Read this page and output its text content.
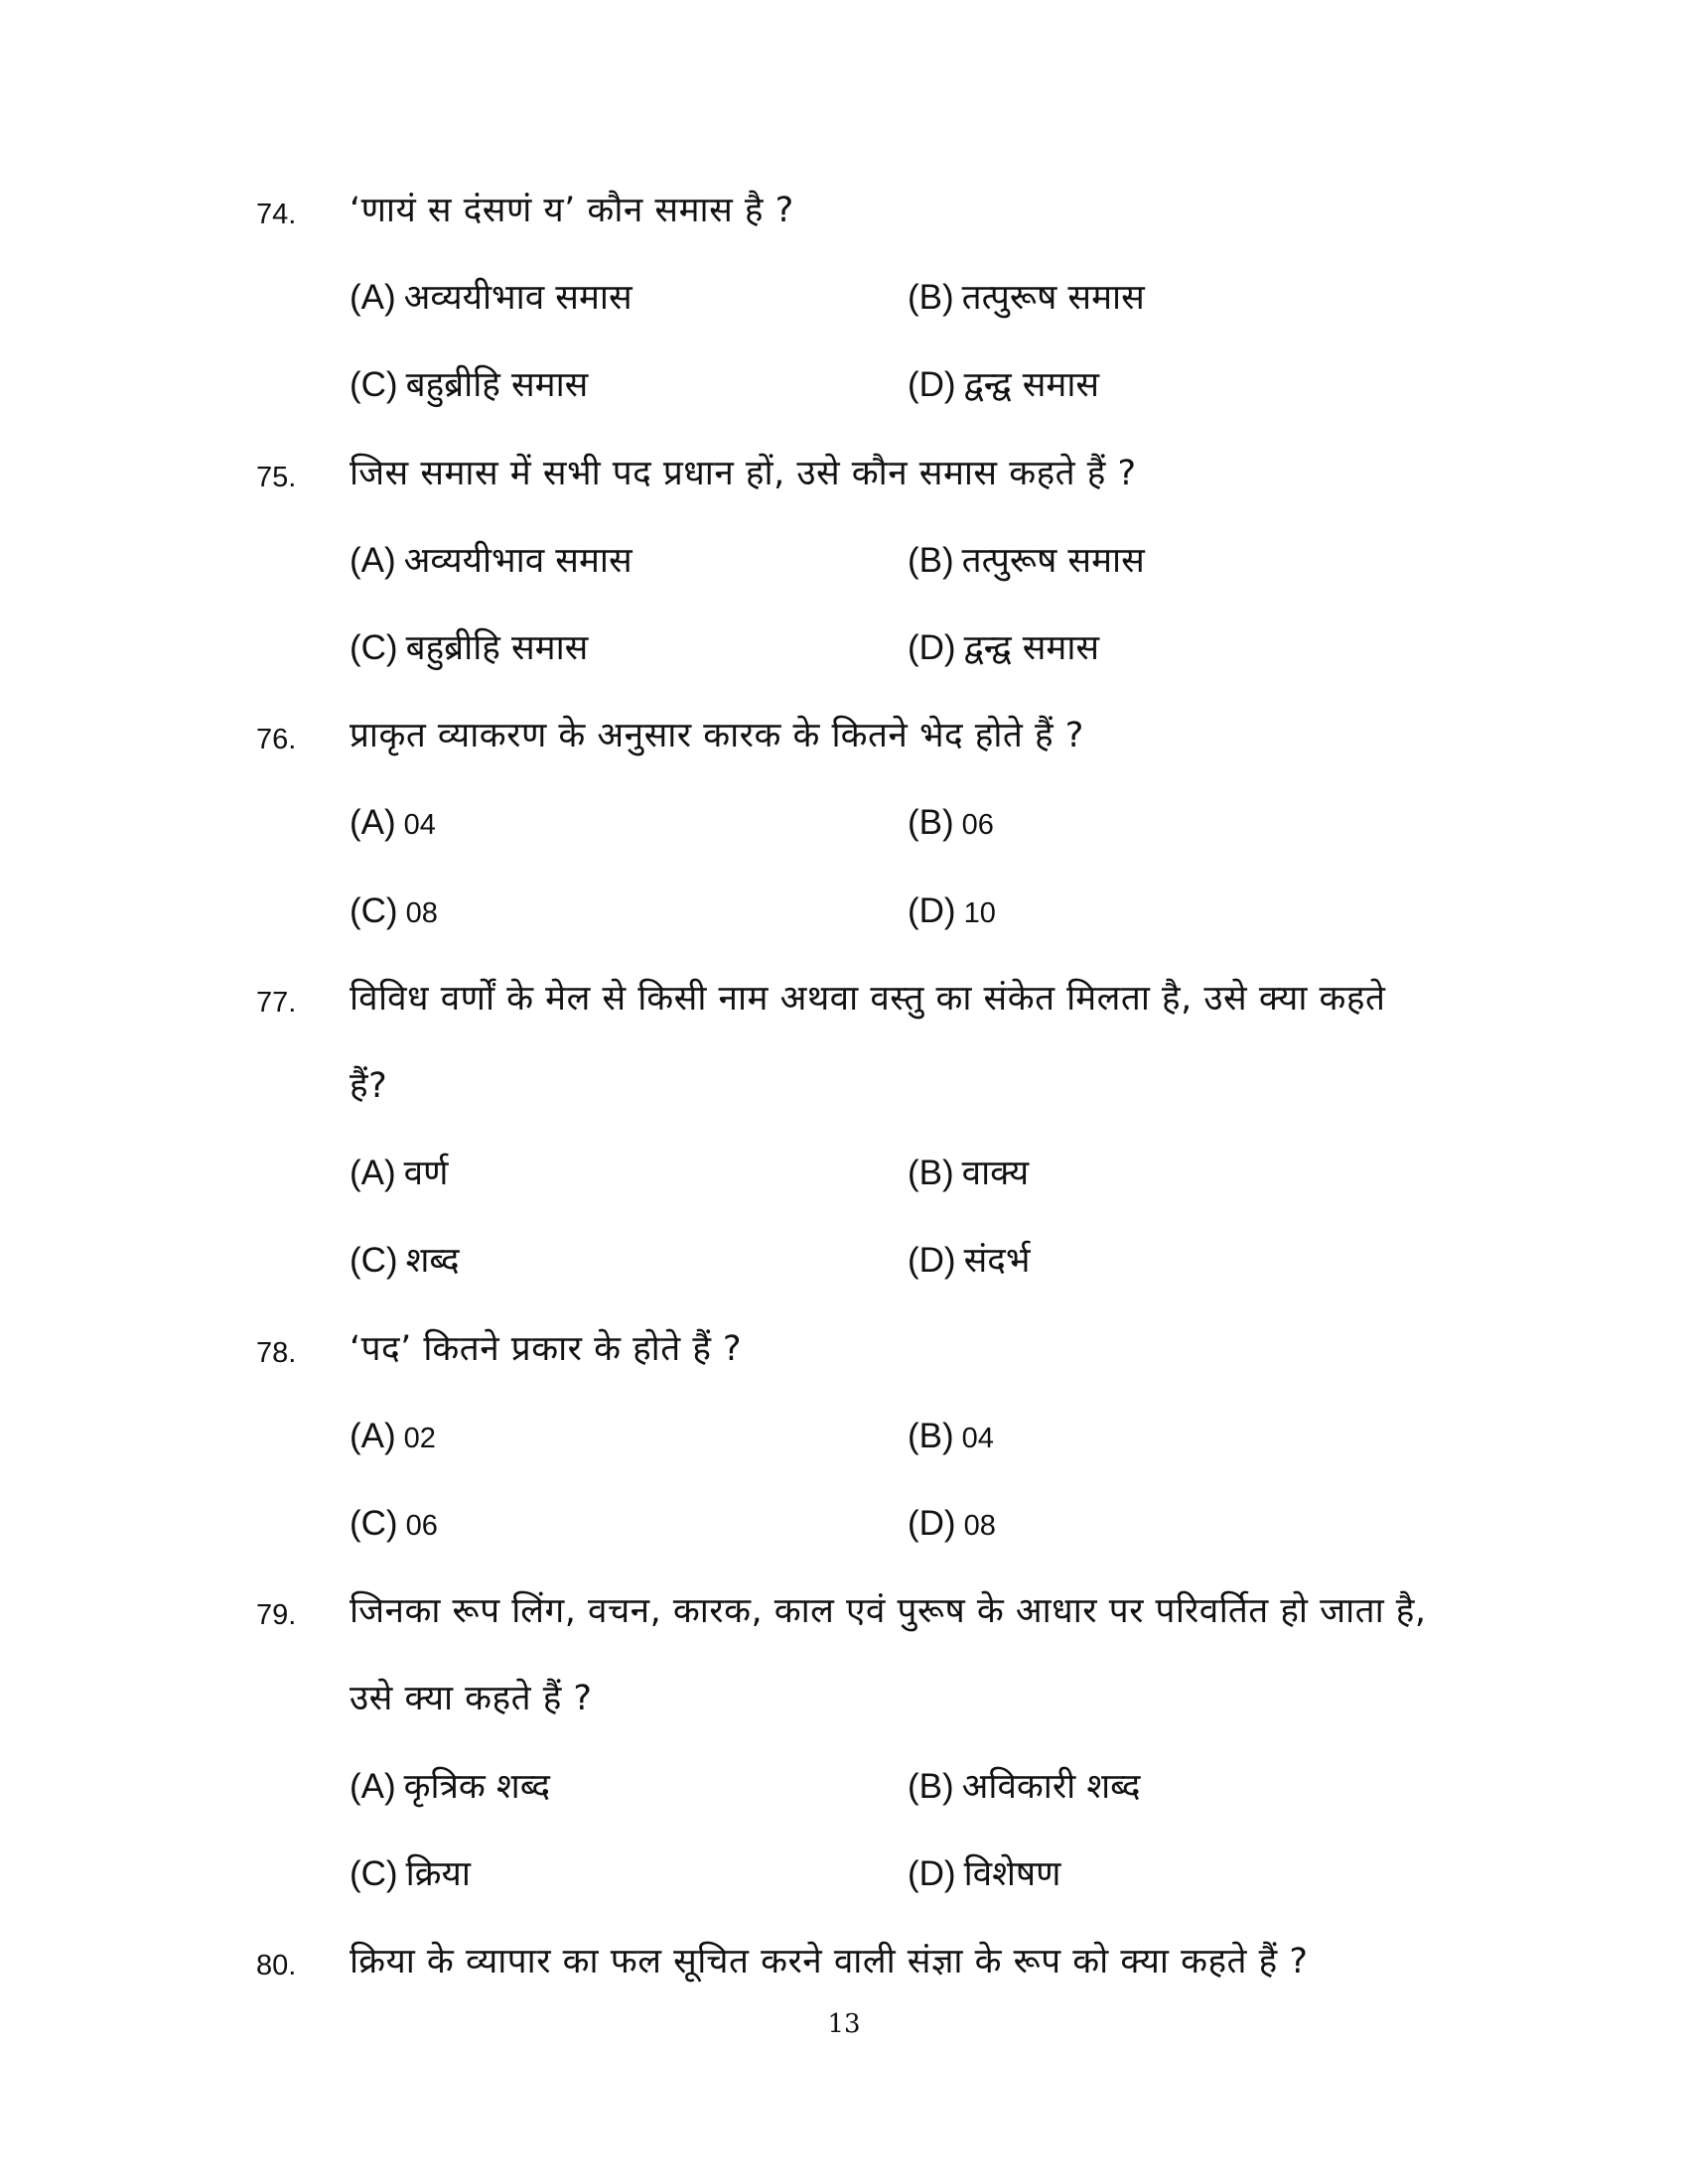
74. ‘णायं स दंसणं य’ कौन समास है ?
(A) अव्ययीभाव समास	(B) तत्पुरूष समास
(C) बहुब्रीहि समास	(D) द्वन्द्व समास
75. जिस समास में सभी पद प्रधान हों, उसे कौन समास कहते हैं ?
(A) अव्ययीभाव समास	(B) तत्पुरूष समास
(C) बहुब्रीहि समास	(D) द्वन्द्व समास
76. प्राकृत व्याकरण के अनुसार कारक के कितने भेद होते हैं ?
(A) 04	(B) 06
(C) 08	(D) 10
77. विविध वर्णों के मेल से किसी नाम अथवा वस्तु का संकेत मिलता है, उसे क्या कहते
हैं?
(A) वर्ण	(B) वाक्य
(C) शब्द	(D) संदर्भ
78. ‘पद’ कितने प्रकार के होते हैं ?
(A) 02	(B) 04
(C) 06	(D) 08
79. जिनका रूप लिंग, वचन, कारक, काल एवं पुरूष के आधार पर परिवर्तित हो जाता है,
उसे क्या कहते हैं ?
(A) कृत्रिक शब्द	(B) अविकारी शब्द
(C) क्रिया	(D) विशेषण
80. क्रिया के व्यापार का फल सूचित करने वाली संज्ञा के रूप को क्या कहते हैं ?
13
